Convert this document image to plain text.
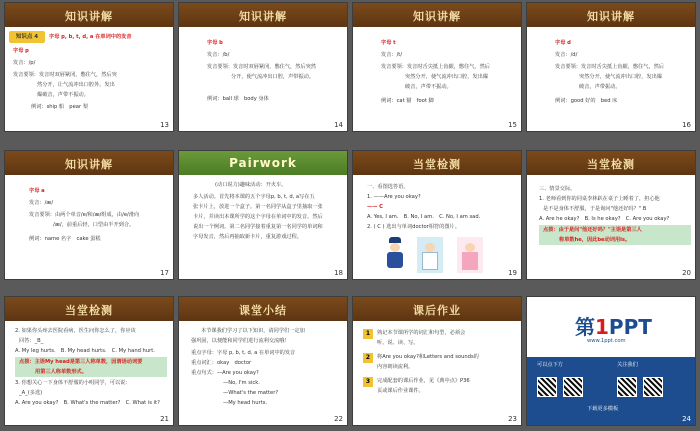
知识讲解
知识点 4	字母 p, b, t, d, a 在单词中的发音
字母 p
发音：/p/
发音要领：发音时双唇紧闭，憋住气，然后突
然分开，让气流冲出口腔外。发出
爆破音，声带不振动。
例词：ship 船　pear 梨
13
知识讲解
字母 b
发音：/b/
发音要领：发音时双唇紧闭，憋住气，然后突然
分开，使气流冲出口腔，声带振动。
例词：ball 球　body 身体
14
知识讲解
字母 t
发音：/t/
发音要领：发音时舌尖抵上齿龈，憋住气，然后
突然分开，使气流冲出口腔，发出爆
破音，声带不振动。
例词：cat 猫　foot 脚
15
知识讲解
字母 d
发音：/d/
发音要领：发音时舌尖抵上齿龈，憋住气，然后
突然分开，使气流冲出口腔，发出爆
破音，声带振动。
例词：good 好的　bed 床
16
知识讲解
字母 a
发音：/æ/
发音要领：由两个单音/e/和/æ/组成，由/e/滑向
/æ/，前重后轻，口型由半开到合。
例词：name 名字　cake 蛋糕
17
Pairwork
(动口说力)趣味活动：开火车。
多人活动。首先将本课的五个字母p, b, t, d, a写在五
张卡片上，放进一个盒子。第一名同学从盒子里抽取一张
卡片，并读出本课所学的这个字母在单词中的发音。然后
说出一个例词。第二名同学接着重复第一名同学的单词和
字母发音，然后再抽取新卡片，重复游戏过程。
18
当堂检测
一、看图选答语。
1. ——Are you okay?
—— C
A. Yes, I am.　B. No, I am.　C. No, I am sad.
2. ( C ) 选出与单词doctor相符的图片。
19
当堂检测
三、情景交际。
1. 老师看到你的同桌李林趴在桌子上睡着了，担心他
是不是身体不舒服，于是询问"他还好吗？" B
A. Are he okay?　B. Is he okay?　C. Are you okay?
点拨：由于是问"他还好吗？"主语是第三人
称单数he，因此be动词用is。
20
当堂检测
2. 如果你头疼去医院看病，医生问你怎么了，你应该
回答：_B_
A. My leg hurts.　B. My head hurts.　C. My hand hurt.
点拨：主语My head是第三人称单数，因谓语动词要
用第三人称单数形式。
3. 你想关心一下身体不舒服的小明同学，可以说：
_A_(多选)
A. Are you okay?　B. What's the matter?　C. What is it?
21
课堂小结
本节课我们学习了以下知识，请同学们一定加
强巩固，以便能和同学们进行流利交流哦！
重点字母：字母 p, b, t, d, a 在单词中的发音
重点词汇：okay　doctor
重点句式：—Are you okay?
—No, I'm sick.
—What's the matter?
—My head hurts.
22
课后作业
1	熟记本节课所学的词汇和句型，必须会
听、说、读、写。
2	将Are you okay?和Letters and sounds的
内容朗读流利。
3	完成配套的课后作业，见《典中点》P36
页或课后作业课件。
23
第1PPT
www.1ppt.com
可以点下方	关注我们
下载更多模板
24
